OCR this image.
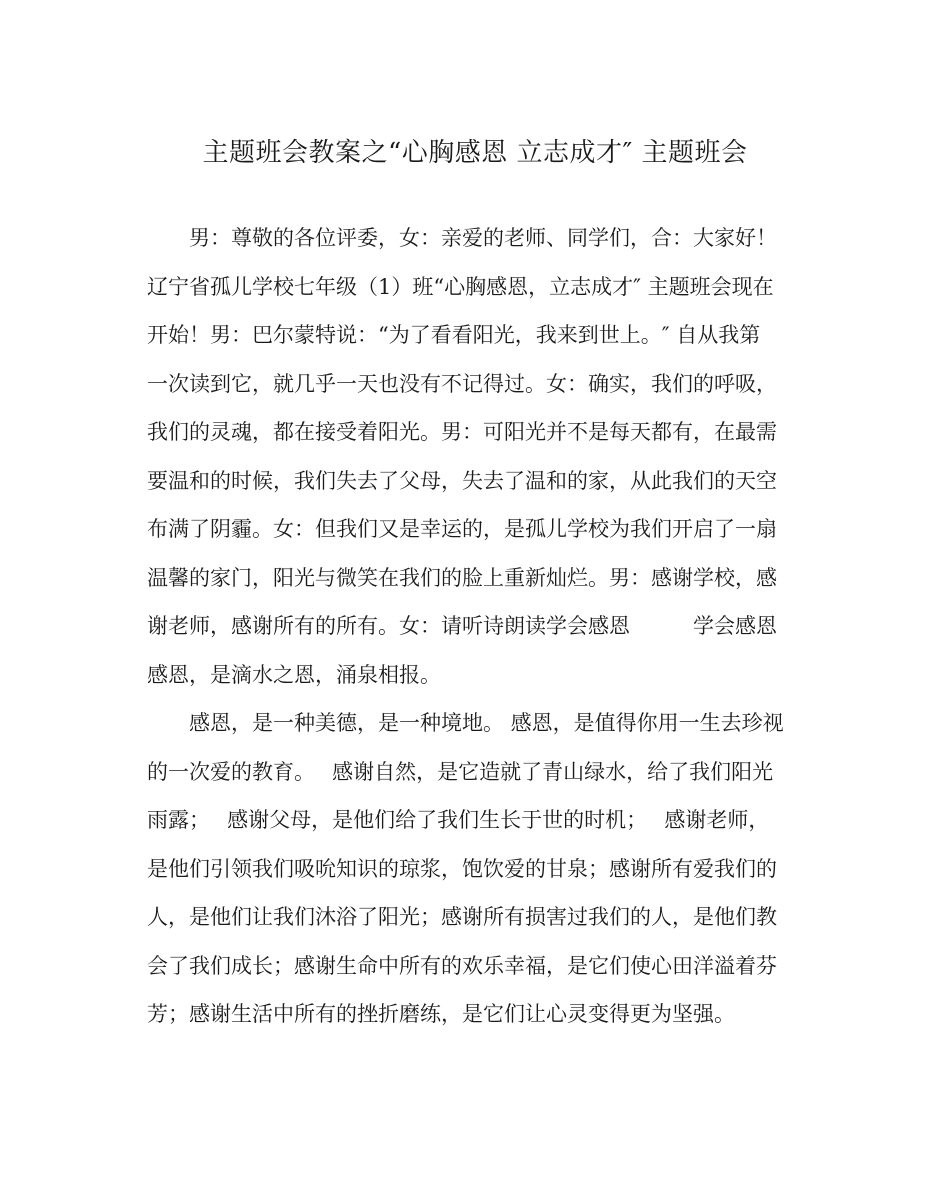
主题班会教案之“心胸感恩 立志成才″ 主题班会
　　男：尊敬的各位评委，女：亲爱的老师、同学们，合：大家好！
辽宁省孤儿学校七年级（1）班“心胸感恩，立志成才″ 主题班会现在
开始！男：巴尔蒙特说：“为了看看阳光，我来到世上。″ 自从我第
一次读到它，就几乎一天也没有不记得过。女：确实，我们的呼吸，
我们的灵魂，都在接受着阳光。男：可阳光并不是每天都有，在最需
要温和的时候，我们失去了父母，失去了温和的家，从此我们的天空
布满了阴霾。女：但我们又是幸运的，是孤儿学校为我们开启了一扇
温馨的家门，阳光与微笑在我们的脸上重新灿烂。男：感谢学校，感
谢老师，感谢所有的所有。女：请听诗朗读学会感恩　　　学会感恩
感恩，是滴水之恩，涌泉相报。
　　感恩，是一种美德，是一种境地。 感恩，是值得你用一生去珍视
的一次爱的教育。　 感谢自然，是它造就了青山绿水，给了我们阳光
雨露；　 感谢父母，是他们给了我们生长于世的时机；　 感谢老师，
是他们引领我们吸吮知识的琼浆，饱饮爱的甘泉；感谢所有爱我们的
人，是他们让我们沐浴了阳光；感谢所有损害过我们的人，是他们教
会了我们成长；感谢生命中所有的欢乐幸福，是它们使心田洋溢着芬
芳；感谢生活中所有的挫折磨练，是它们让心灵变得更为坚强。
